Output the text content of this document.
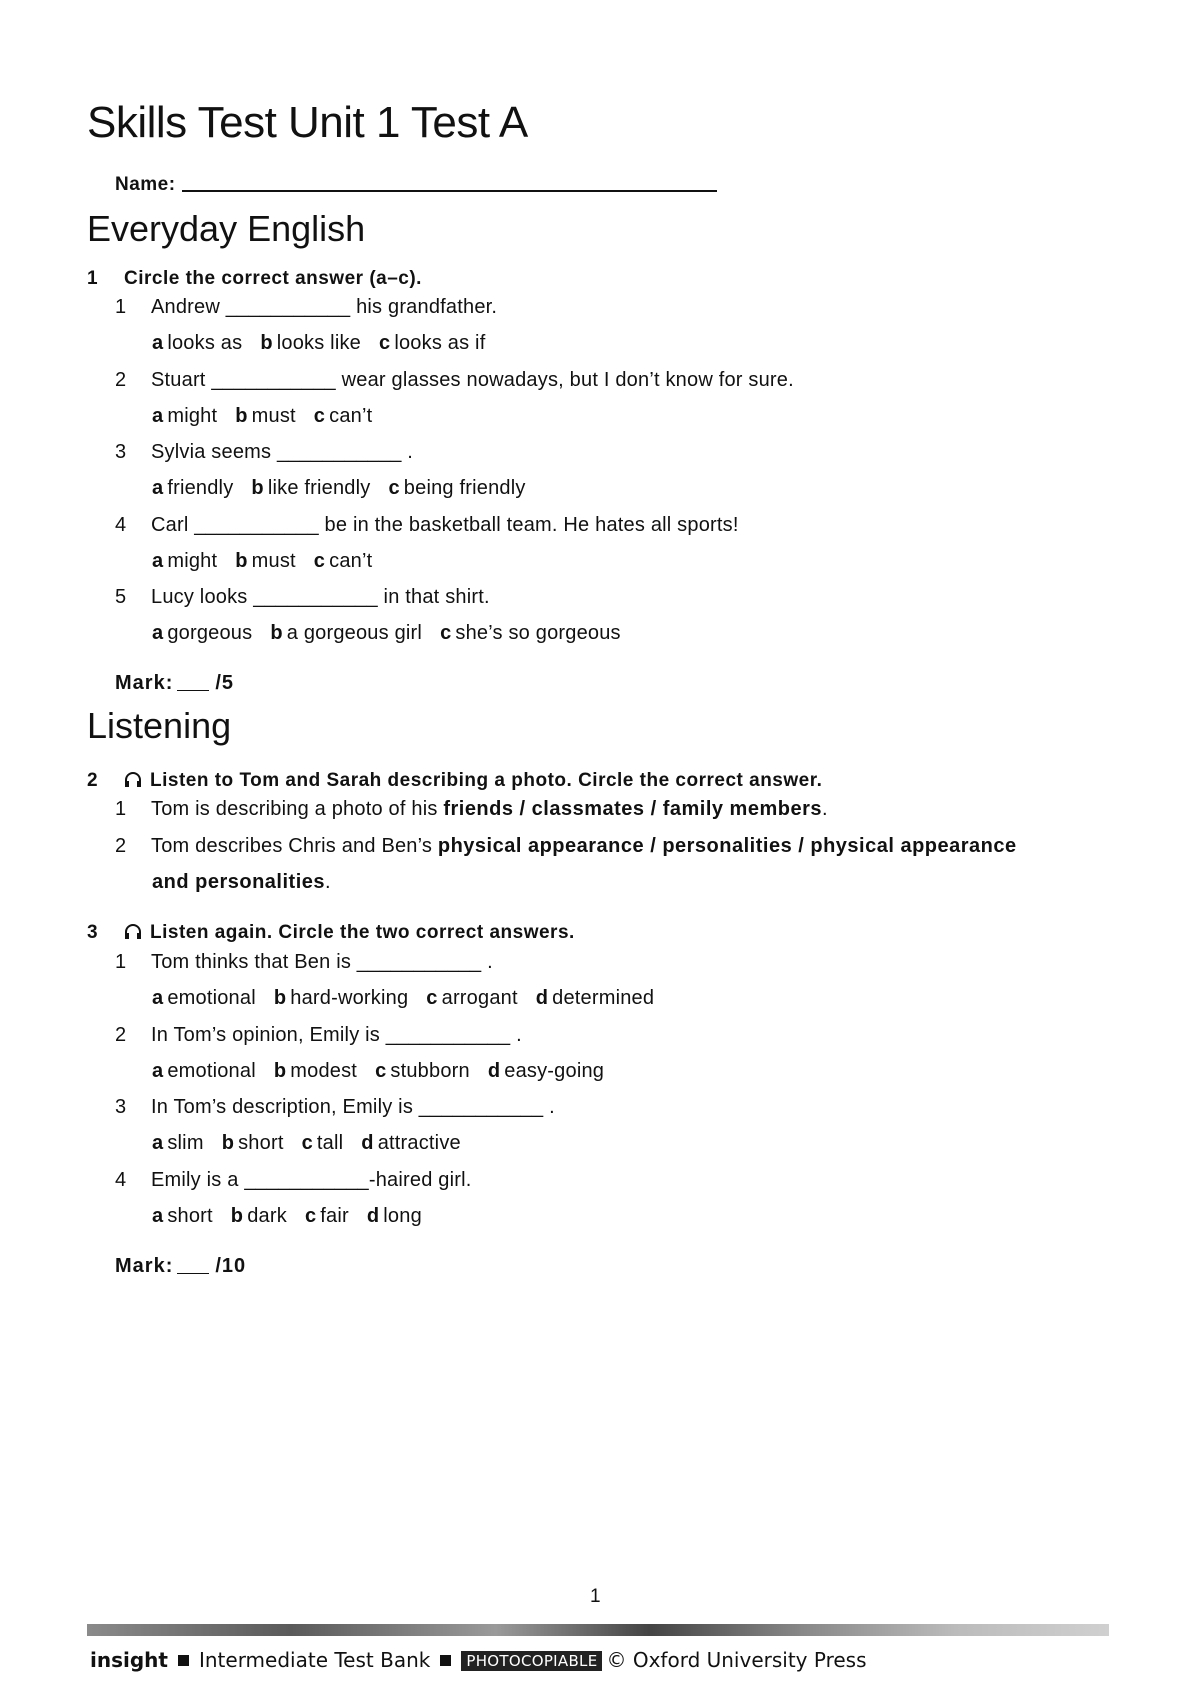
Skills Test Unit 1 Test A
Name:
Everyday English
1 Circle the correct answer (a–c).
1 Andrew ___________ his grandfather.
a looks as b looks like c looks as if
2 Stuart ___________ wear glasses nowadays, but I don’t know for sure.
a might b must c can’t
3 Sylvia seems ___________ .
a friendly b like friendly c being friendly
4 Carl ___________ be in the basketball team. He hates all sports!
a might b must c can’t
5 Lucy looks ___________ in that shirt.
a gorgeous b a gorgeous girl c she’s so gorgeous
Mark: /5
Listening
2	Listen to Tom and Sarah describing a photo. Circle the correct answer.
1 Tom is describing a photo of his friends / classmates / family members.
2 Tom describes Chris and Ben’s physical appearance / personalities / physical appearance
and personalities.
3	Listen again. Circle the two correct answers.
1 Tom thinks that Ben is ___________ .
a emotional b hard-working c arrogant d determined
2 In Tom’s opinion, Emily is ___________ .
a emotional b modest c stubborn d easy-going
3 In Tom’s description, Emily is ___________ .
a slim b short c tall d attractive
4 Emily is a ___________-haired girl.
a short b dark c fair d long
Mark: /10
1
insight Intermediate Test Bank PHOTOCOPIABLE © Oxford University Press
